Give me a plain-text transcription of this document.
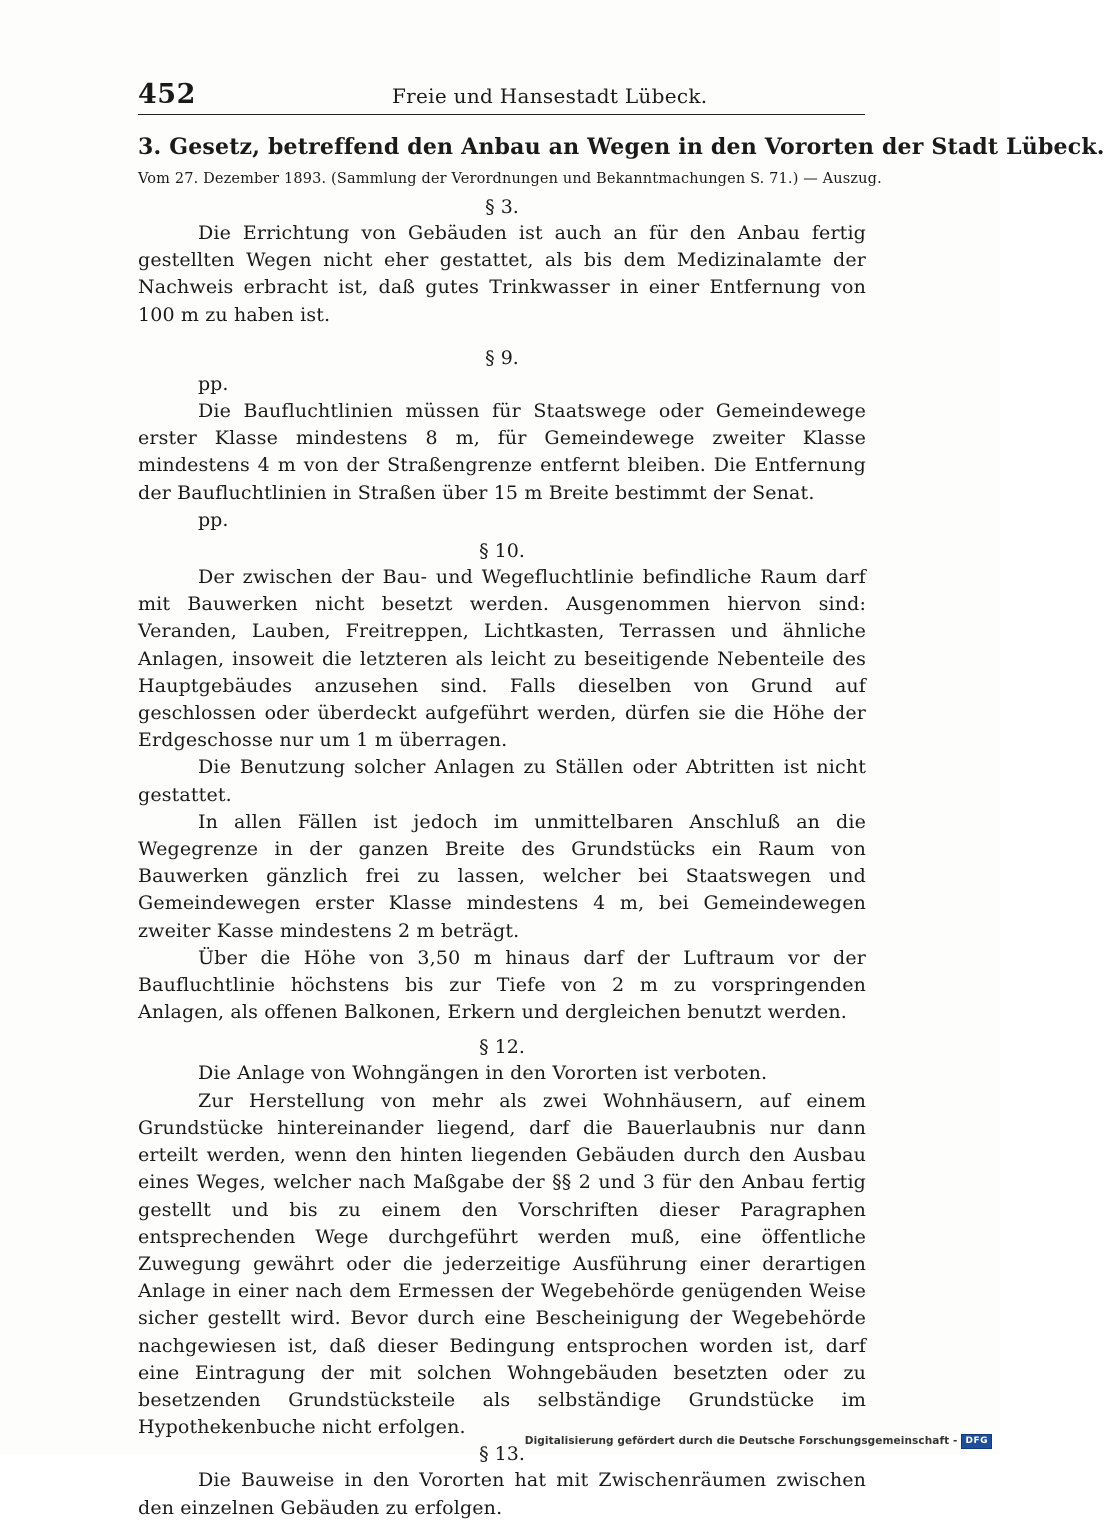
452	Freie und Hansestadt Lübeck.
3. Gesetz, betreffend den Anbau an Wegen in den Vororten der Stadt Lübeck.
Vom 27. Dezember 1893. (Sammlung der Verordnungen und Bekanntmachungen S. 71.) — Auszug.
§ 3.

Die Errichtung von Gebäuden ist auch an für den Anbau fertig gestellten Wegen nicht eher gestattet, als bis dem Medizinalamte der Nachweis erbracht ist, daß gutes Trinkwasser in einer Entfernung von 100 m zu haben ist.

§ 9.

pp.

Die Baufluchtlinien müssen für Staatswege oder Gemeindewege erster Klasse mindestens 8 m, für Gemeindewege zweiter Klasse mindestens 4 m von der Straßengrenze entfernt bleiben. Die Entfernung der Baufluchtlinien in Straßen über 15 m Breite bestimmt der Senat.

pp.

§ 10.

Der zwischen der Bau- und Wegefluchtlinie befindliche Raum darf mit Bauwerken nicht besetzt werden. Ausgenommen hiervon sind: Veranden, Lauben, Freitreppen, Lichtkasten, Terrassen und ähnliche Anlagen, insoweit die letzteren als leicht zu beseitigende Nebenteile des Hauptgebäudes anzusehen sind. Falls dieselben von Grund auf geschlossen oder überdeckt aufgeführt werden, dürfen sie die Höhe der Erdgeschosse nur um 1 m überragen.

Die Benutzung solcher Anlagen zu Ställen oder Abtritten ist nicht gestattet.

In allen Fällen ist jedoch im unmittelbaren Anschluß an die Wegegrenze in der ganzen Breite des Grundstücks ein Raum von Bauwerken gänzlich frei zu lassen, welcher bei Staatswegen und Gemeindewegen erster Klasse mindestens 4 m, bei Gemeindewegen zweiter Kasse mindestens 2 m beträgt.

Über die Höhe von 3,50 m hinaus darf der Luftraum vor der Baufluchtlinie höchstens bis zur Tiefe von 2 m zu vorspringenden Anlagen, als offenen Balkonen, Erkern und dergleichen benutzt werden.

§ 12.

Die Anlage von Wohngängen in den Vororten ist verboten.

Zur Herstellung von mehr als zwei Wohnhäusern, auf einem Grundstücke hintereinander liegend, darf die Bauerlaubnis nur dann erteilt werden, wenn den hinten liegenden Gebäuden durch den Ausbau eines Weges, welcher nach Maßgabe der §§ 2 und 3 für den Anbau fertig gestellt und bis zu einem den Vorschriften dieser Paragraphen entsprechenden Wege durchgeführt werden muß, eine öffentliche Zuwegung gewährt oder die jederzeitige Ausführung einer derartigen Anlage in einer nach dem Ermessen der Wegebehörde genügenden Weise sicher gestellt wird. Bevor durch eine Bescheinigung der Wegebehörde nachgewiesen ist, daß dieser Bedingung entsprochen worden ist, darf eine Eintragung der mit solchen Wohngebäuden besetzten oder zu besetzenden Grundstücksteile als selbständige Grundstücke im Hypothekenbuche nicht erfolgen.

§ 13.

Die Bauweise in den Vororten hat mit Zwischenräumen zwischen den einzelnen Gebäuden zu erfolgen.

Digitalisierung gefördert durch die Deutsche Forschungsgemeinschaft - DFG
